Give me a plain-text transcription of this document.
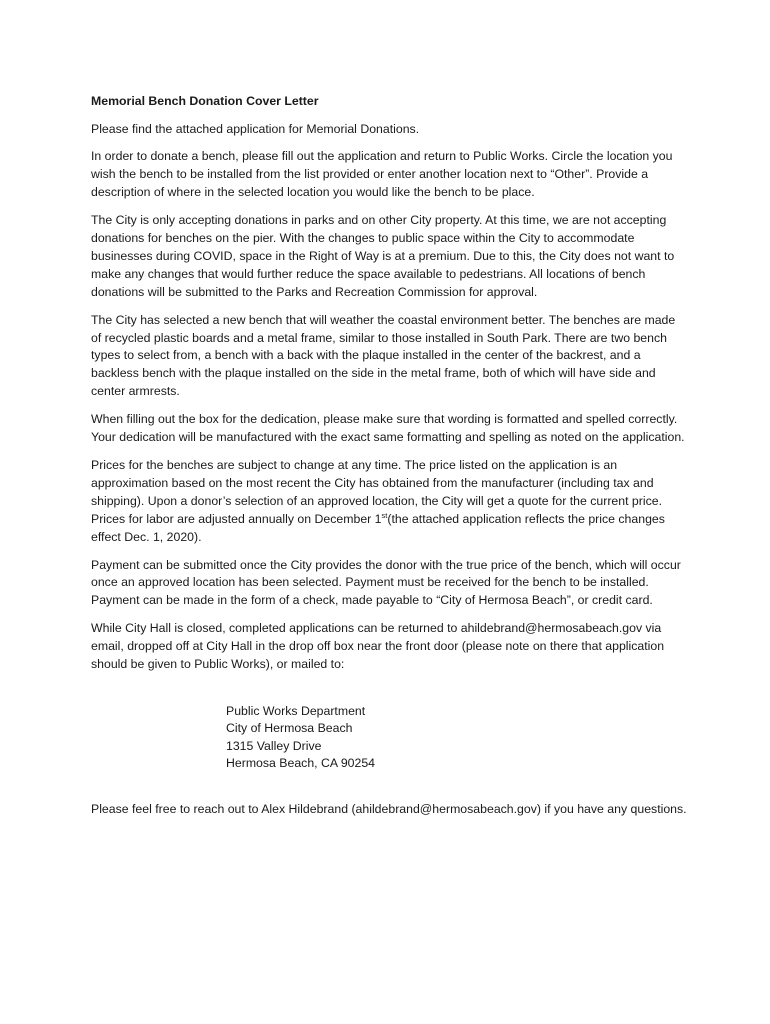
Memorial Bench Donation Cover Letter

Please find the attached application for Memorial Donations.

In order to donate a bench, please fill out the application and return to Public Works. Circle the location you wish the bench to be installed from the list provided or enter another location next to “Other”. Provide a description of where in the selected location you would like the bench to be place.

The City is only accepting donations in parks and on other City property. At this time, we are not accepting donations for benches on the pier. With the changes to public space within the City to accommodate businesses during COVID, space in the Right of Way is at a premium. Due to this, the City does not want to make any changes that would further reduce the space available to pedestrians. All locations of bench donations will be submitted to the Parks and Recreation Commission for approval.

The City has selected a new bench that will weather the coastal environment better. The benches are made of recycled plastic boards and a metal frame, similar to those installed in South Park. There are two bench types to select from, a bench with a back with the plaque installed in the center of the backrest, and a backless bench with the plaque installed on the side in the metal frame, both of which will have side and center armrests.

When filling out the box for the dedication, please make sure that wording is formatted and spelled correctly. Your dedication will be manufactured with the exact same formatting and spelling as noted on the application.

Prices for the benches are subject to change at any time. The price listed on the application is an approximation based on the most recent the City has obtained from the manufacturer (including tax and shipping). Upon a donor’s selection of an approved location, the City will get a quote for the current price. Prices for labor are adjusted annually on December 1st(the attached application reflects the price changes effect Dec. 1, 2020).

Payment can be submitted once the City provides the donor with the true price of the bench, which will occur once an approved location has been selected. Payment must be received for the bench to be installed. Payment can be made in the form of a check, made payable to “City of Hermosa Beach”, or credit card.

While City Hall is closed, completed applications can be returned to ahildebrand@hermosabeach.gov via email, dropped off at City Hall in the drop off box near the front door (please note on there that application should be given to Public Works), or mailed to:

Public Works Department
City of Hermosa Beach
1315 Valley Drive
Hermosa Beach, CA 90254

Please feel free to reach out to Alex Hildebrand (ahildebrand@hermosabeach.gov) if you have any questions.
